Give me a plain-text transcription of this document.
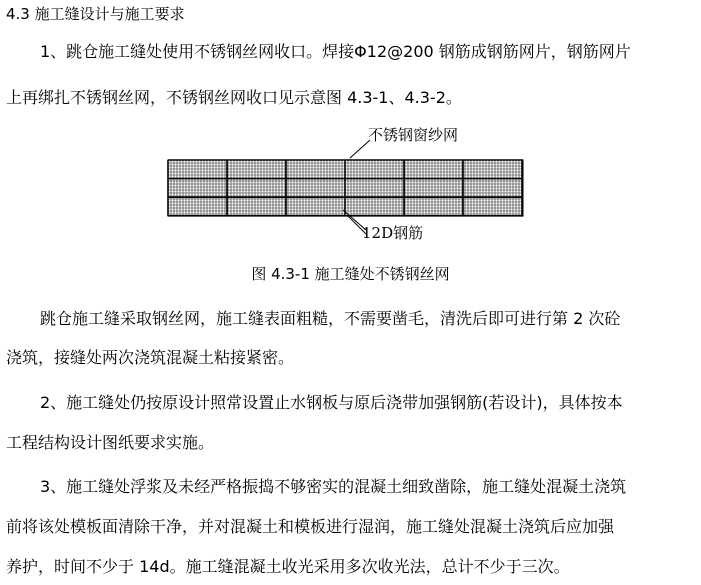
4.3 施工缝设计与施工要求

1、跳仓施工缝处使用不锈钢丝网收口。焊接Φ12@200 钢筋成钢筋网片，钢筋网片

上再绑扎不锈钢丝网，不锈钢丝网收口见示意图 4.3-1、4.3-2。

不锈钢窗纱网
12D钢筋

图 4.3-1 施工缝处不锈钢丝网

跳仓施工缝采取钢丝网，施工缝表面粗糙，不需要凿毛，清洗后即可进行第 2 次砼

浇筑，接缝处两次浇筑混凝土粘接紧密。

2、施工缝处仍按原设计照常设置止水钢板与原后浇带加强钢筋(若设计)，具体按本

工程结构设计图纸要求实施。

3、施工缝处浮浆及未经严格振捣不够密实的混凝土细致凿除，施工缝处混凝土浇筑

前将该处模板面清除干净，并对混凝土和模板进行湿润，施工缝处混凝土浇筑后应加强

养护，时间不少于 14d。施工缝混凝土收光采用多次收光法，总计不少于三次。
